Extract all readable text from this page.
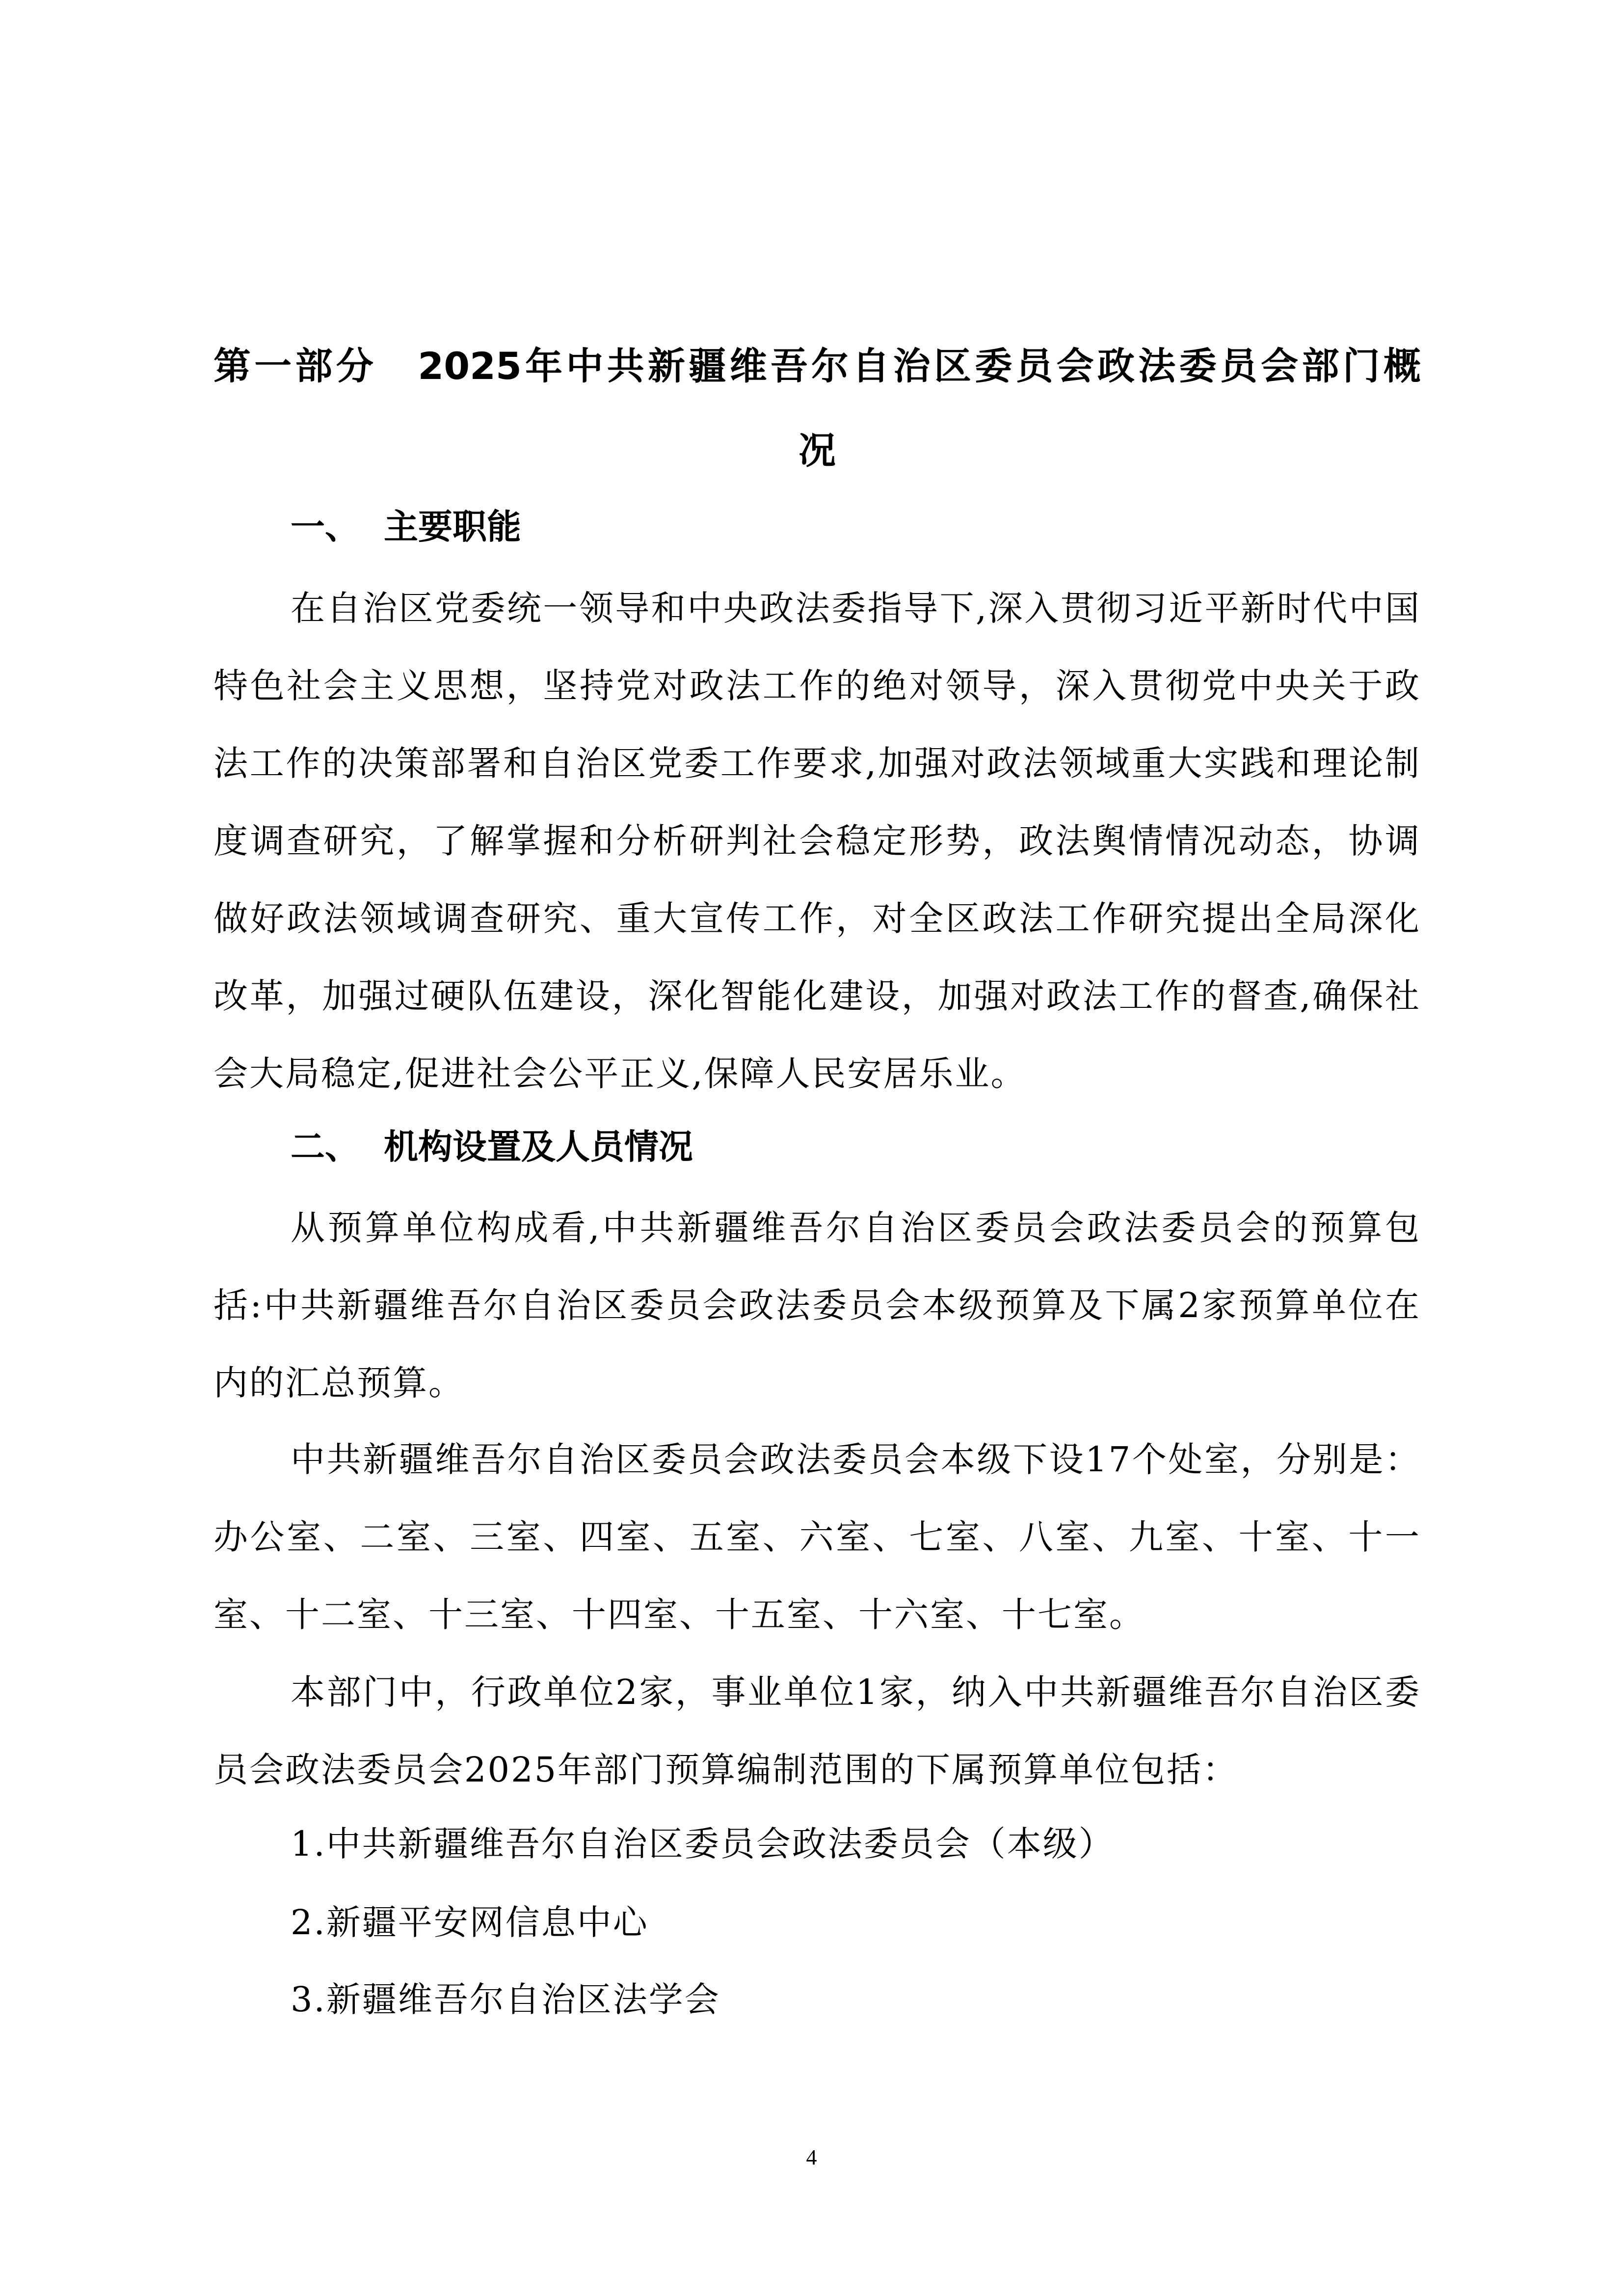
第一部分　2025年中共新疆维吾尔自治区委员会政法委员会部门概
况
一、 主要职能

在自治区党委统一领导和中央政法委指导下,深入贯彻习近平新时代中国特色社会主义思想，坚持党对政法工作的绝对领导，深入贯彻党中央关于政法工作的决策部署和自治区党委工作要求,加强对政法领域重大实践和理论制度调查研究，了解掌握和分析研判社会稳定形势，政法舆情情况动态，协调做好政法领域调查研究、重大宣传工作，对全区政法工作研究提出全局深化改革，加强过硬队伍建设，深化智能化建设，加强对政法工作的督查,确保社会大局稳定,促进社会公平正义,保障人民安居乐业。

二、 机构设置及人员情况

从预算单位构成看,中共新疆维吾尔自治区委员会政法委员会的预算包括:中共新疆维吾尔自治区委员会政法委员会本级预算及下属2家预算单位在内的汇总预算。

中共新疆维吾尔自治区委员会政法委员会本级下设17个处室，分别是：办公室、二室、三室、四室、五室、六室、七室、八室、九室、十室、十一室、十二室、十三室、十四室、十五室、十六室、十七室。

本部门中，行政单位2家，事业单位1家，纳入中共新疆维吾尔自治区委员会政法委员会2025年部门预算编制范围的下属预算单位包括：

1.中共新疆维吾尔自治区委员会政法委员会（本级）

2.新疆平安网信息中心

3.新疆维吾尔自治区法学会

4
